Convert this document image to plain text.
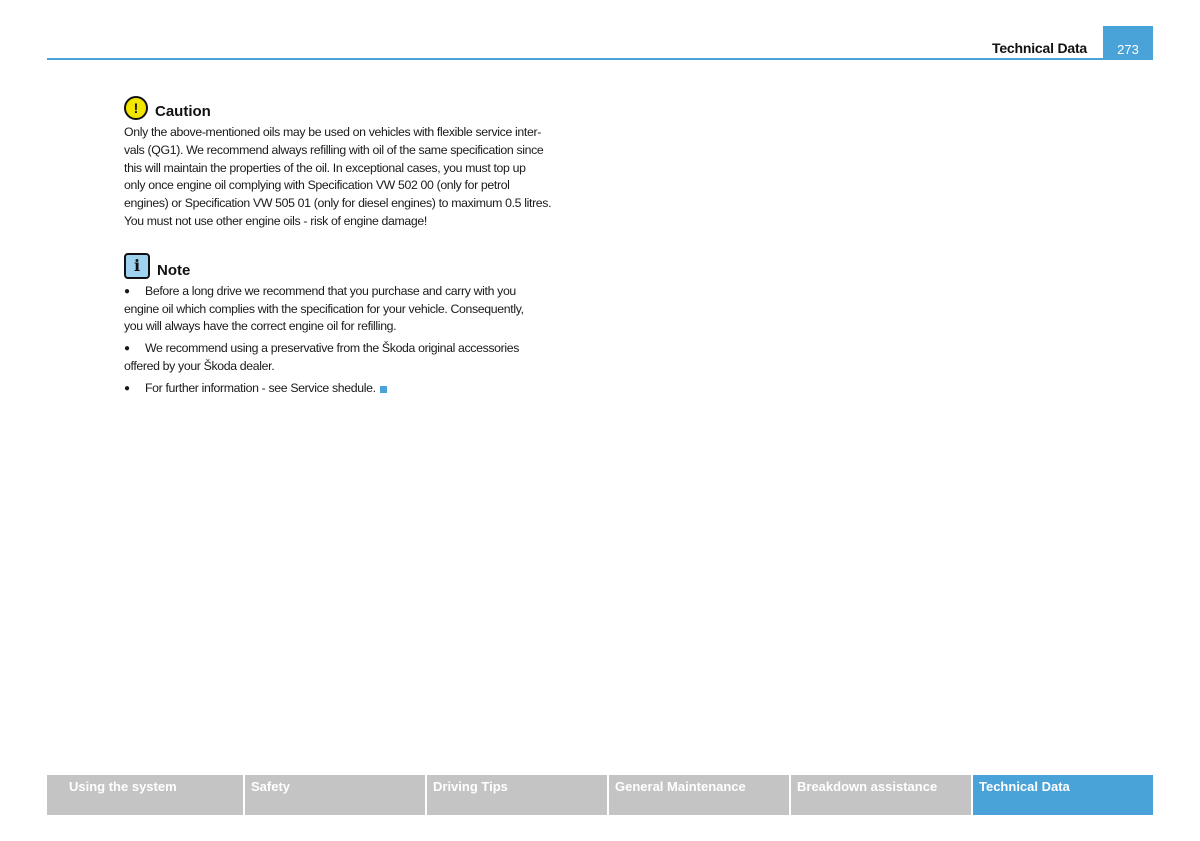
Technical Data	273
!	Caution

Only the above-mentioned oils may be used on vehicles with flexible service inter-
vals (QG1). We recommend always refilling with oil of the same specification since
this will maintain the properties of the oil. In exceptional cases, you must top up
only once engine oil complying with Specification VW 502 00 (only for petrol
engines) or Specification VW 505 01 (only for diesel engines) to maximum 0.5 litres.
You must not use other engine oils - risk of engine damage!

i	Note

● Before a long drive we recommend that you purchase and carry with you
engine oil which complies with the specification for your vehicle. Consequently,
you will always have the correct engine oil for refilling.

● We recommend using a preservative from the Škoda original accessories
offered by your Škoda dealer.

● For further information - see Service shedule.

Using the system	Safety	Driving Tips	General Maintenance	Breakdown assistance	Technical Data
